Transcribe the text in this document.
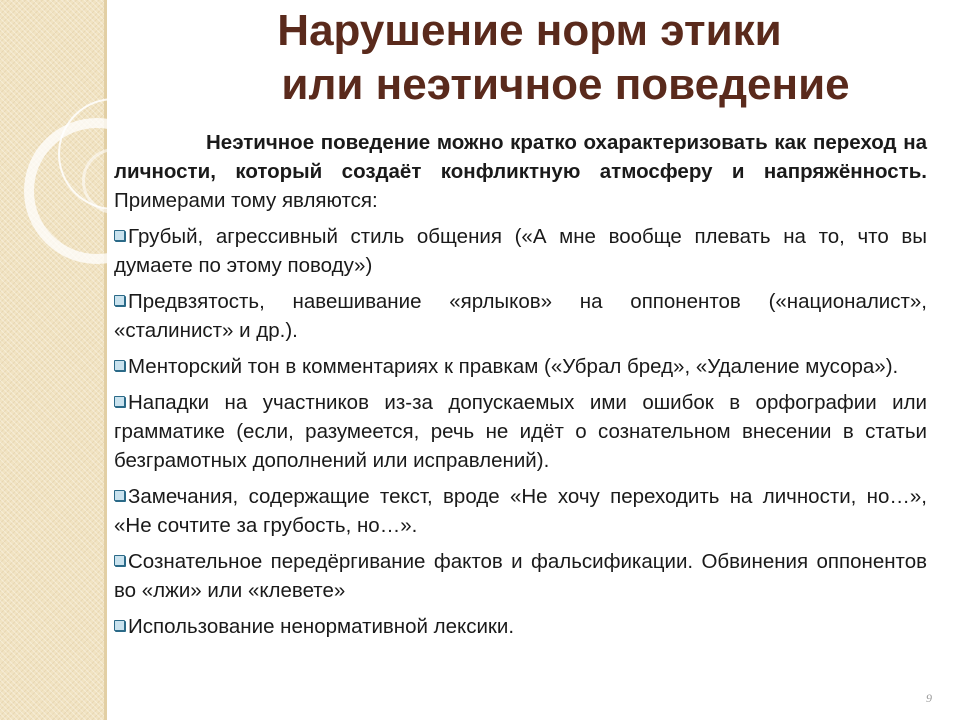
Нарушение норм этики
или неэтичное поведение

Неэтичное поведение можно кратко охарактеризовать как переход на личности, который создаёт конфликтную атмосферу и напряжённость. Примерами тому являются:

Грубый, агрессивный стиль общения («А мне вообще плевать на то, что вы думаете по этому поводу»)
Предвзятость, навешивание «ярлыков» на оппонентов («националист», «сталинист» и др.).
Менторский тон в комментариях к правкам («Убрал бред», «Удаление мусора»).
Нападки на участников из-за допускаемых ими ошибок в орфографии или грамматике (если, разумеется, речь не идёт о сознательном внесении в статьи безграмотных дополнений или исправлений).
Замечания, содержащие текст, вроде «Не хочу переходить на личности, но…», «Не сочтите за грубость, но…».
Сознательное передёргивание фактов и фальсификации. Обвинения оппонентов во «лжи» или «клевете»
Использование ненормативной лексики.
9
